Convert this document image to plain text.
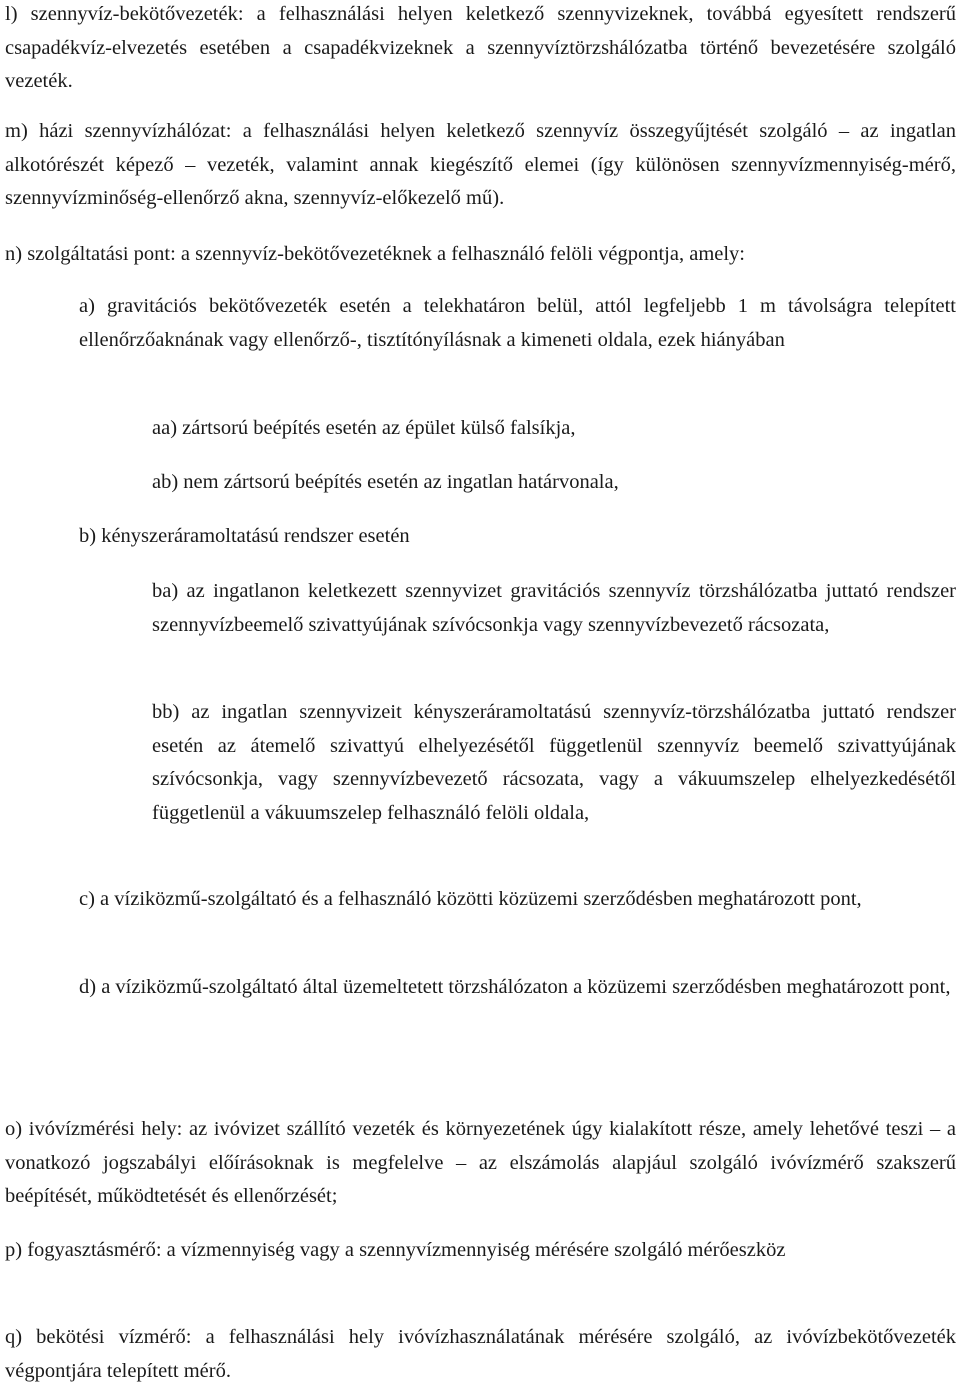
l) szennyvíz-bekötővezeték: a felhasználási helyen keletkező szennyvizeknek, továbbá egyesített rendszerű csapadékvíz-elvezetés esetében a csapadékvizeknek a szennyvíztörzshálózatba történő bevezetésére szolgáló vezeték.

m) házi szennyvízhálózat: a felhasználási helyen keletkező szennyvíz összegyűjtését szolgáló – az ingatlan alkotórészét képező – vezeték, valamint annak kiegészítő elemei (így különösen szennyvízmennyiség-mérő, szennyvízminőség-ellenőrző akna, szennyvíz-előkezelő mű).

n) szolgáltatási pont: a szennyvíz-bekötővezetéknek a felhasználó felöli végpontja, amely:

a) gravitációs bekötővezeték esetén a telekhatáron belül, attól legfeljebb 1 m távolságra telepített ellenőrzőaknának vagy ellenőrző-, tisztítónyílásnak a kimeneti oldala, ezek hiányában

aa) zártsorú beépítés esetén az épület külső falsíkja,

ab) nem zártsorú beépítés esetén az ingatlan határvonala,

b) kényszeráramoltatású rendszer esetén

ba) az ingatlanon keletkezett szennyvizet gravitációs szennyvíz törzshálózatba juttató rendszer szennyvízbeemelő szivattyújának szívócsonkja vagy szennyvízbevezető rácsozata,

bb) az ingatlan szennyvizeit kényszeráramoltatású szennyvíz-törzshálózatba juttató rendszer esetén az átemelő szivattyú elhelyezésétől függetlenül szennyvíz beemelő szivattyújának szívócsonkja, vagy szennyvízbevezető rácsozata, vagy a vákuumszelep elhelyezkedésétől függetlenül a vákuumszelep felhasználó felöli oldala,

c) a víziközmű-szolgáltató és a felhasználó közötti közüzemi szerződésben meghatározott pont,

d) a víziközmű-szolgáltató által üzemeltetett törzshálózaton a közüzemi szerződésben meghatározott pont,

o) ivóvízmérési hely: az ivóvizet szállító vezeték és környezetének úgy kialakított része, amely lehetővé teszi – a vonatkozó jogszabályi előírásoknak is megfelelve – az elszámolás alapjául szolgáló ivóvízmérő szakszerű beépítését, működtetését és ellenőrzését;

p) fogyasztásmérő: a vízmennyiség vagy a szennyvízmennyiség mérésére szolgáló mérőeszköz

q) bekötési vízmérő: a felhasználási hely ivóvízhasználatának mérésére szolgáló, az ivóvízbekötővezeték végpontjára telepített mérő.
